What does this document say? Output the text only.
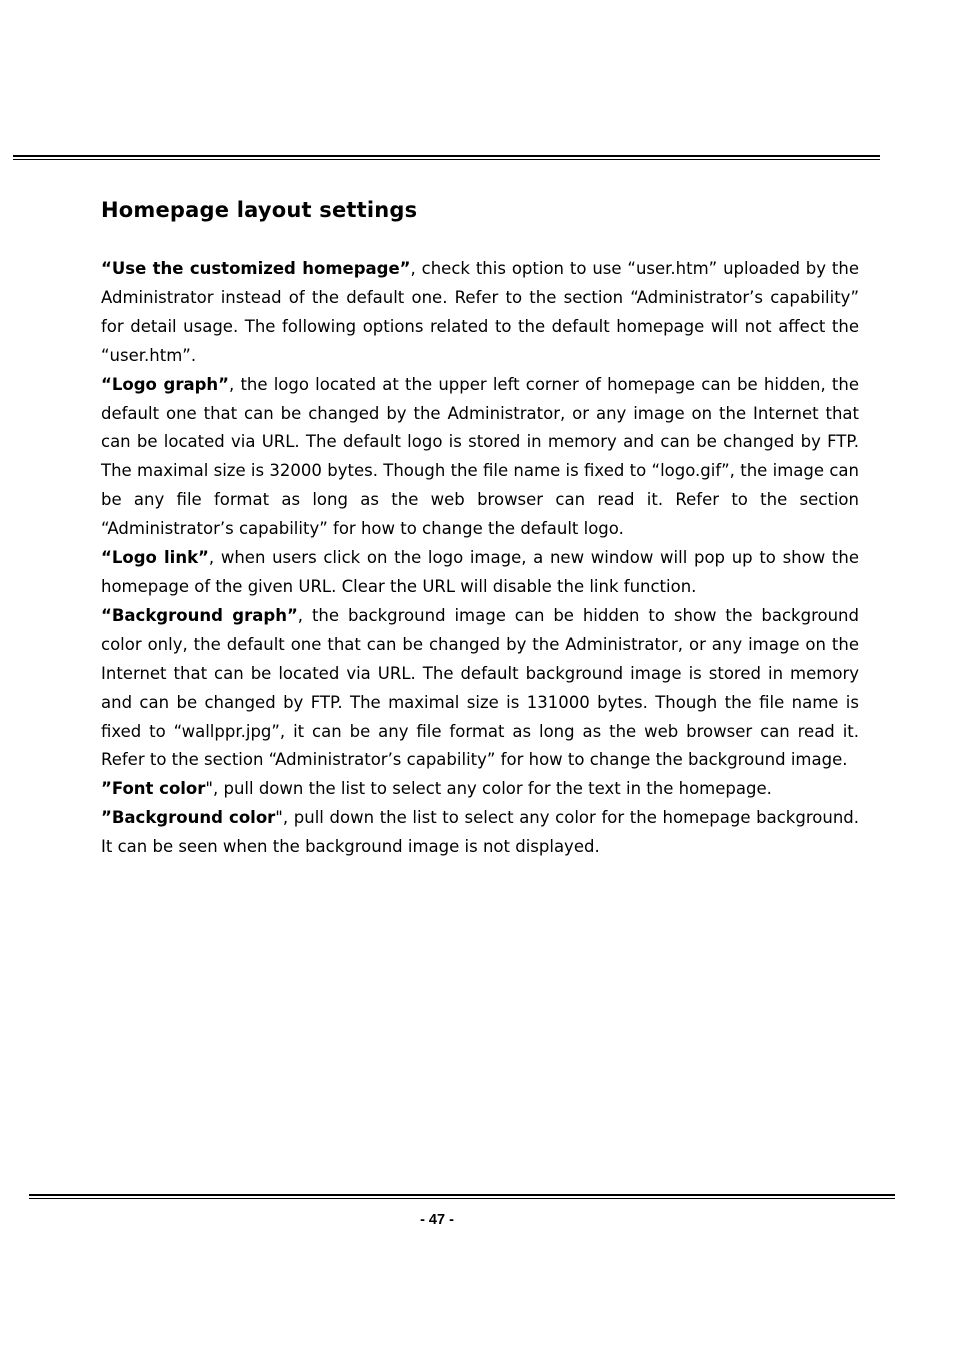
Homepage layout settings

“Use the customized homepage”, check this option to use “user.htm” uploaded by the Administrator instead of the default one. Refer to the section “Administrator’s capability” for detail usage. The following options related to the default homepage will not affect the “user.htm”.

“Logo graph”, the logo located at the upper left corner of homepage can be hidden, the default one that can be changed by the Administrator, or any image on the Internet that can be located via URL. The default logo is stored in memory and can be changed by FTP. The maximal size is 32000 bytes. Though the file name is fixed to “logo.gif”, the image can be any file format as long as the web browser can read it. Refer to the section “Administrator’s capability” for how to change the default logo.

“Logo link”, when users click on the logo image, a new window will pop up to show the homepage of the given URL. Clear the URL will disable the link function.

“Background graph”, the background image can be hidden to show the background color only, the default one that can be changed by the Administrator, or any image on the Internet that can be located via URL. The default background image is stored in memory and can be changed by FTP. The maximal size is 131000 bytes. Though the file name is fixed to “wallppr.jpg”, it can be any file format as long as the web browser can read it. Refer to the section “Administrator’s capability” for how to change the background image.

”Font color", pull down the list to select any color for the text in the homepage.

”Background color", pull down the list to select any color for the homepage background. It can be seen when the background image is not displayed.

- 47 -
